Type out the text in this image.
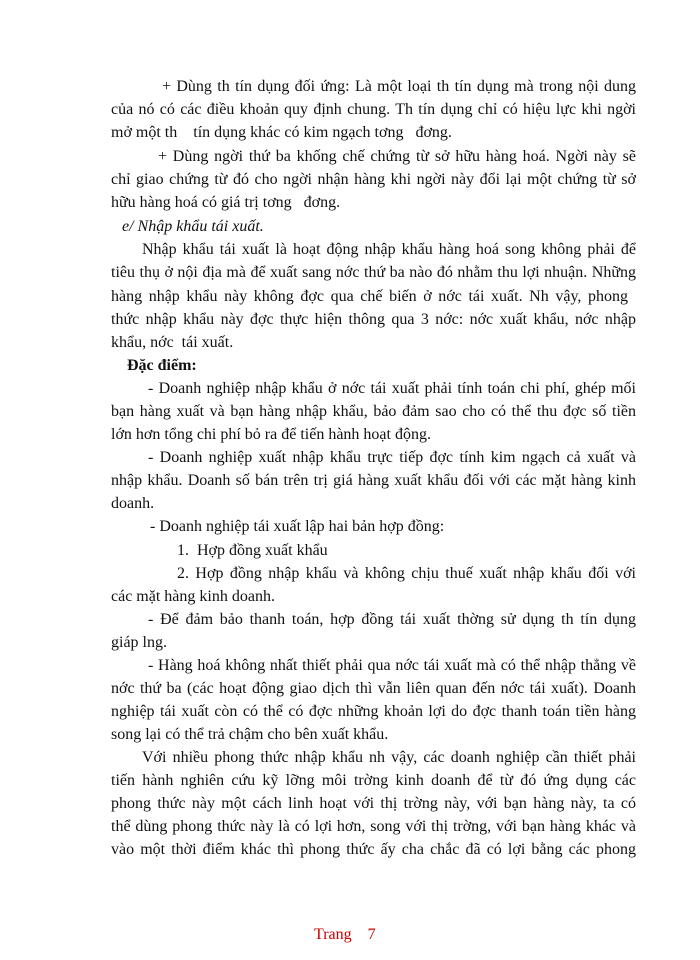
+ Dùng th tín dụng đối ứng: Là một loại th tín dụng mà trong nội dung
của nó có các điều khoản quy định chung. Th tín dụng chỉ có hiệu lực khi ngời
mở một th    tín dụng khác có kim ngạch tơng   đơng.
+ Dùng ngời thứ ba khống chế chứng từ sở hữu hàng hoá. Ngời này sẽ
chỉ giao chứng từ đó cho ngời nhận hàng khi ngời này đổi lại một chứng từ sở
hữu hàng hoá có giá trị tơng   đơng.
e/ Nhập khẩu tái xuất.
Nhập khẩu tái xuất là hoạt động nhập khẩu hàng hoá song không phải để
tiêu thụ ở nội địa mà để xuất sang nớc thứ ba nào đó nhằm thu lợi nhuận. Những
hàng nhập khẩu này không đợc qua chế biến ở nớc tái xuất. Nh vậy, phong
thức nhập khẩu này đợc thực hiện thông qua 3 nớc: nớc xuất khẩu, nớc nhập
khẩu, nớc  tái xuất.
Đặc điểm:
- Doanh nghiệp nhập khẩu ở nớc tái xuất phải tính toán chi phí, ghép mối
bạn hàng xuất và bạn hàng nhập khẩu, bảo đảm sao cho có thể thu đợc số tiền
lớn hơn tổng chi phí bỏ ra để tiến hành hoạt động.
- Doanh nghiệp xuất nhập khẩu trực tiếp đợc tính kim ngạch cả xuất và
nhập khẩu. Doanh số bán trên trị giá hàng xuất khẩu đối với các mặt hàng kinh
doanh.
- Doanh nghiệp tái xuất lập hai bản hợp đồng:
1.  Hợp đồng xuất khẩu
2. Hợp đồng nhập khẩu và không chịu thuế xuất nhập khẩu đối với
các mặt hàng kinh doanh.
- Để đảm bảo thanh toán, hợp đồng tái xuất thờng sử dụng th tín dụng
giáp lng.
- Hàng hoá không nhất thiết phải qua nớc tái xuất mà có thể nhập thẳng về
nớc thứ ba (các hoạt động giao dịch thì vẫn liên quan đến nớc tái xuất). Doanh
nghiệp tái xuất còn có thể có đợc những khoản lợi do đợc thanh toán tiền hàng
song lại có thể trả chậm cho bên xuất khẩu.
Với nhiều phong thức nhập khẩu nh vậy, các doanh nghiệp cần thiết phải
tiến hành nghiên cứu kỹ lỡng môi trờng kinh doanh để từ đó ứng dụng các
phong thức này một cách linh hoạt với thị trờng này, với bạn hàng này, ta có
thể dùng phong thức này là có lợi hơn, song với thị trờng, với bạn hàng khác và
vào một thời điểm khác thì phong thức ấy cha chắc đã có lợi bằng các phong

Trang    7
